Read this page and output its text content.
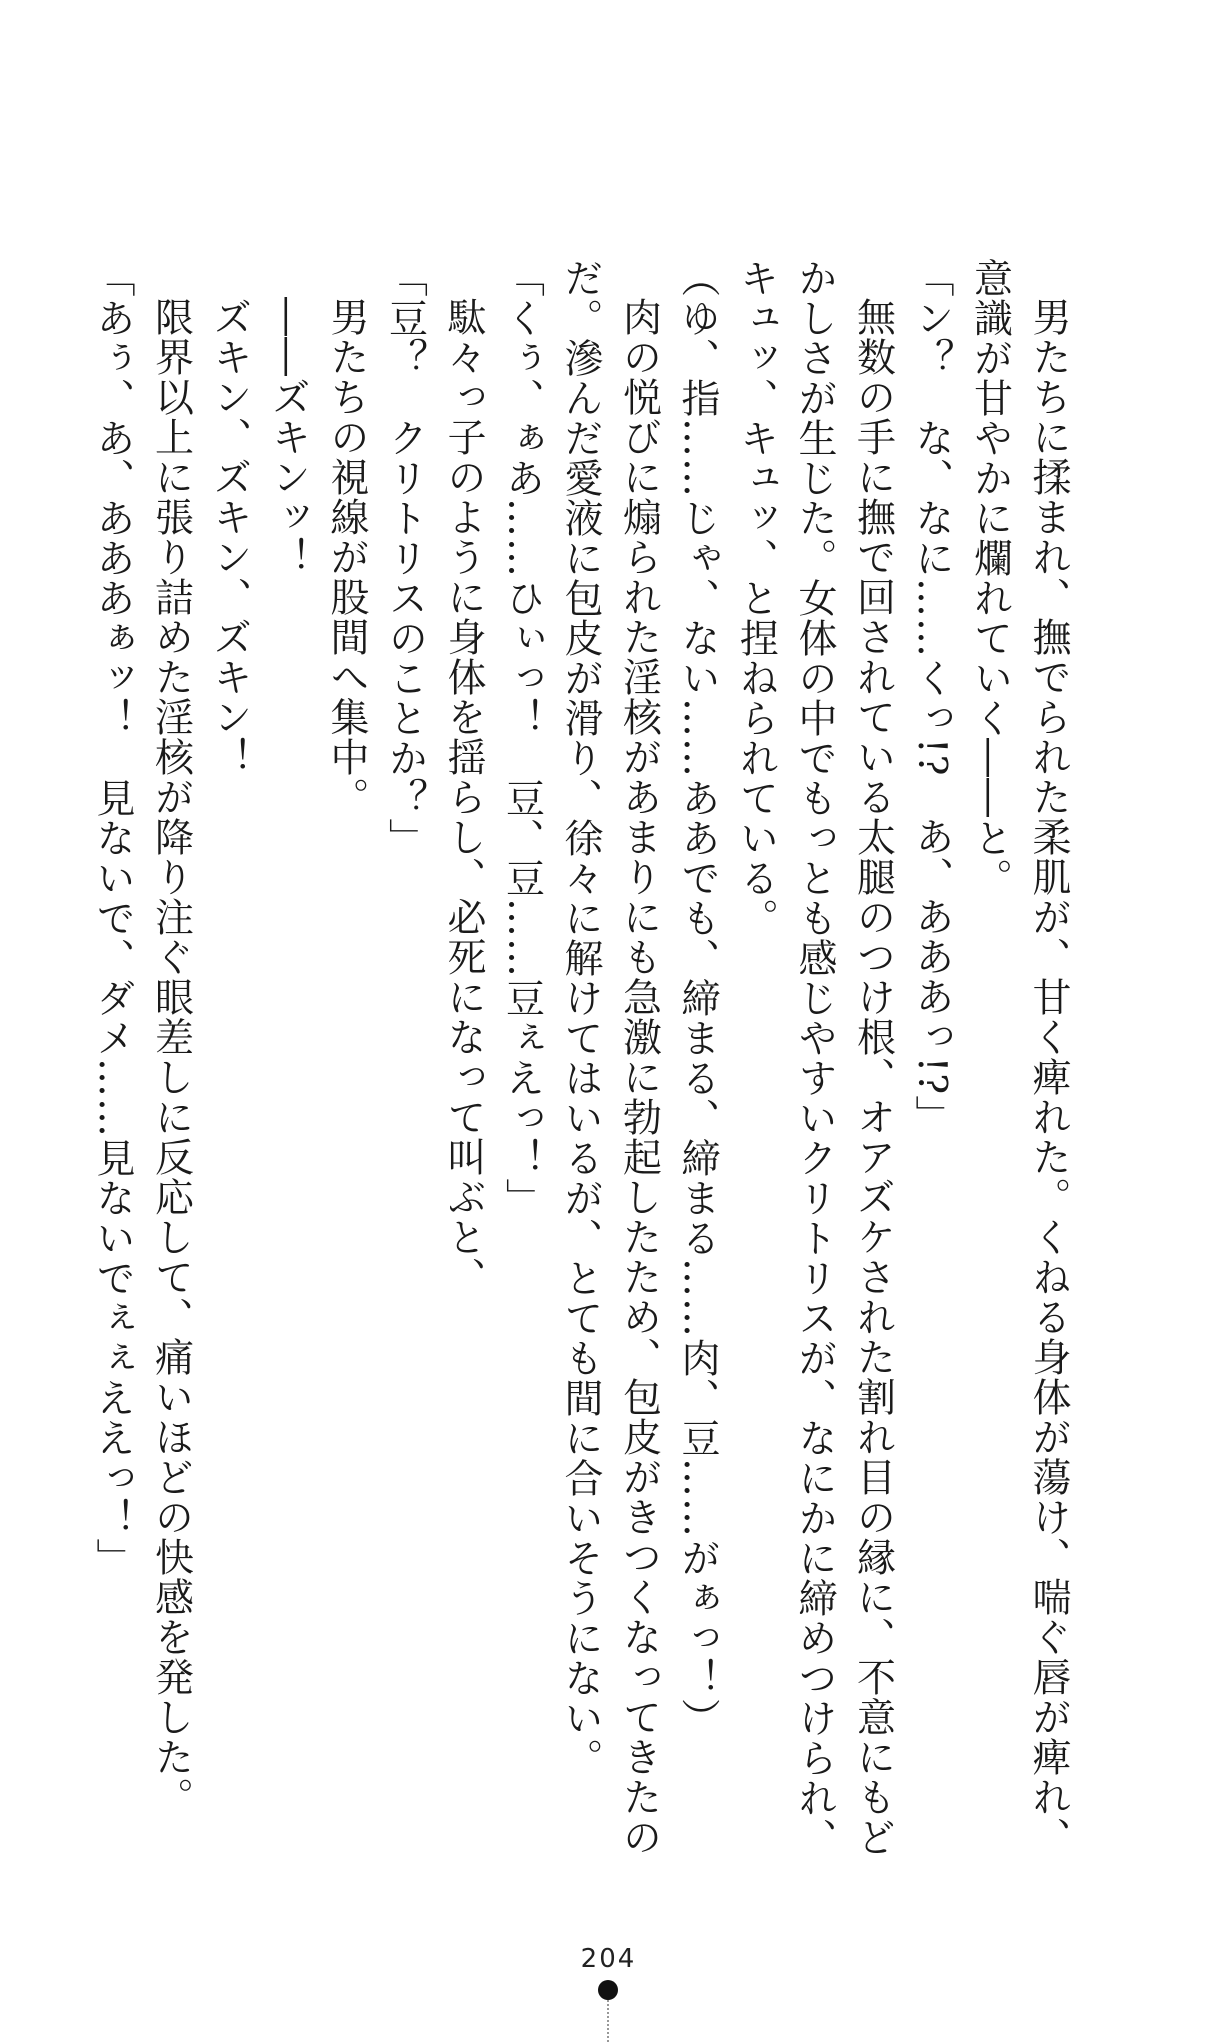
男たちに揉まれ、撫でられた柔肌が、甘く痺れた。くねる身体が蕩け、喘ぐ唇が痺れ、
意識が甘やかに爛れていく――と。
「ン？　な、なに……くっ!?　あ、あああっ!?」
無数の手に撫で回されている太腿のつけ根、オアズケされた割れ目の縁に、不意にもど
かしさが生じた。女体の中でもっとも感じやすいクリトリスが、なにかに締めつけられ、
キュッ、キュッ、と捏ねられている。
（ゆ、指……じゃ、ない……ああでも、締まる、締まる……肉、豆……がぁっ！）
肉の悦びに煽られた淫核があまりにも急激に勃起したため、包皮がきつくなってきたの
だ。滲んだ愛液に包皮が滑り、徐々に解けてはいるが、とても間に合いそうにない。
「くぅ、ぁあ……ひぃっ！　豆、豆……豆ぇえっ！」
駄々っ子のように身体を揺らし、必死になって叫ぶと、
「豆？　クリトリスのことか？」
男たちの視線が股間へ集中。
――ズキンッ！
ズキン、ズキン、ズキン！
限界以上に張り詰めた淫核が降り注ぐ眼差しに反応して、痛いほどの快感を発した。
「あぅ、あ、あああぁッ！　見ないで、ダメ……見ないでぇぇええっ！」
204
